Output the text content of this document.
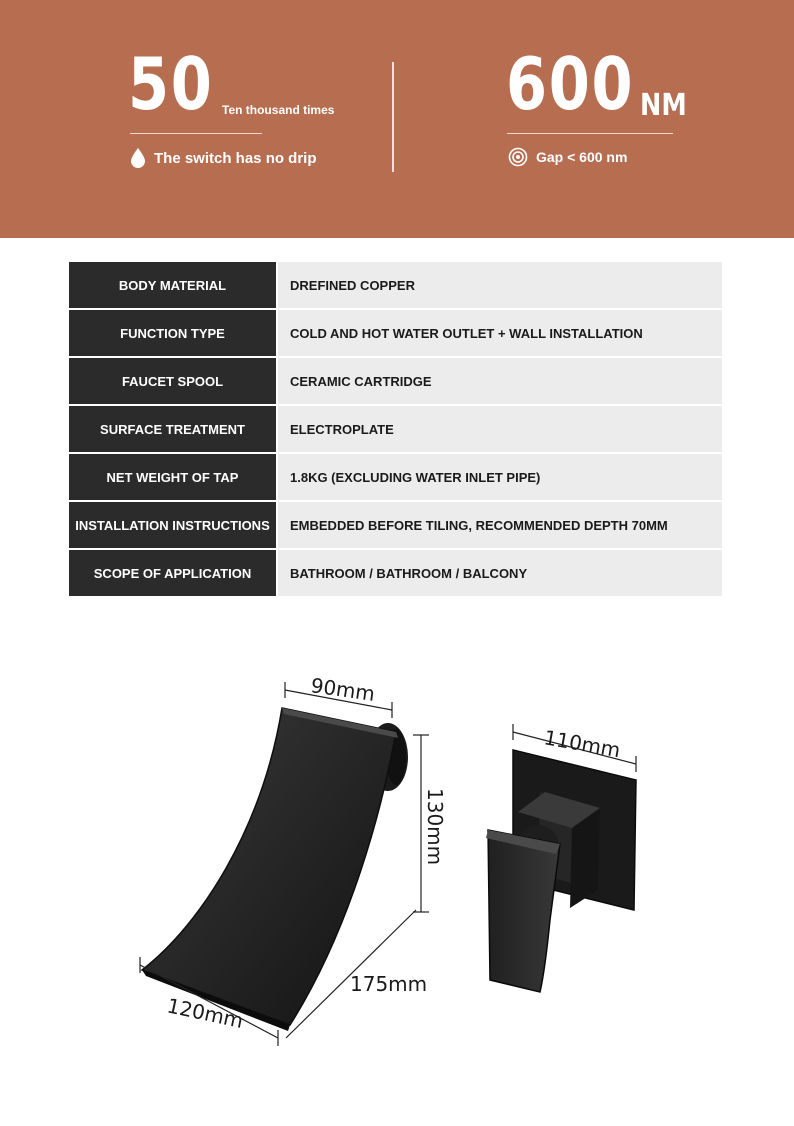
50 Ten thousand times
The switch has no drip
600 NM
Gap < 600 nm
BODY MATERIAL	DREFINED COPPER
FUNCTION TYPE	COLD AND HOT WATER OUTLET + WALL INSTALLATION
FAUCET SPOOL	CERAMIC CARTRIDGE
SURFACE TREATMENT	ELECTROPLATE
NET WEIGHT OF TAP	1.8KG (EXCLUDING WATER INLET PIPE)
INSTALLATION INSTRUCTIONS	EMBEDDED BEFORE TILING, RECOMMENDED DEPTH 70MM
SCOPE OF APPLICATION	BATHROOM / BATHROOM / BALCONY
90mm
130mm
175mm
120mm
110mm
